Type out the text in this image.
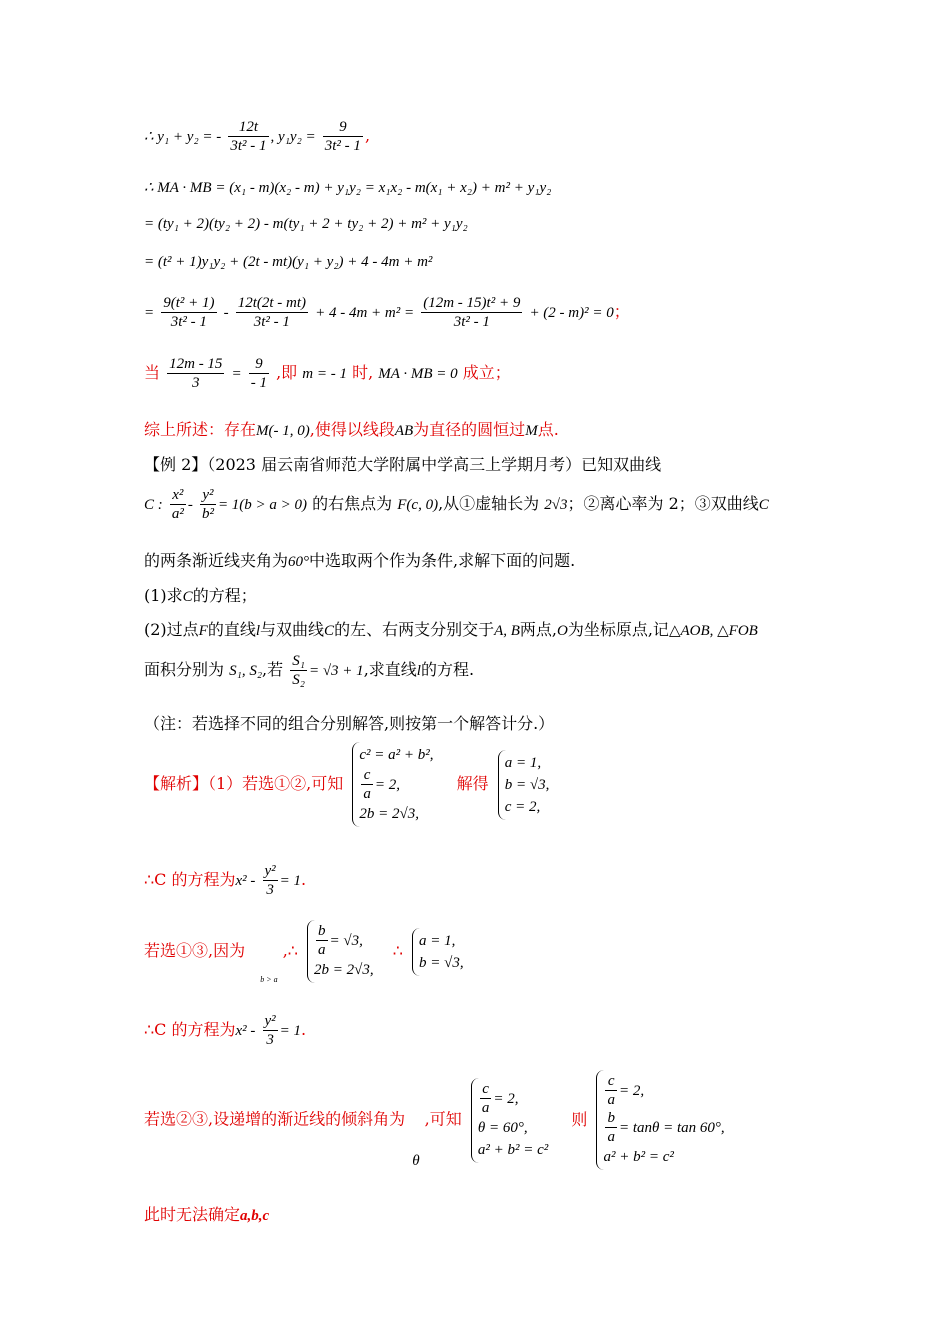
∴ y₁ + y₂ = - $\frac{12t}{\text{3t² - 1}}$ , $y_1y_2 = \frac{9}{\text{3t² - 1}}$ ,
∴ MA · MB = (x₁ - m)(x₂ - m) + y₁y₂ = x₁x₂ - m(x₁ + x₂) + m² + y₁y₂
= (ty₁ + 2)(ty₂ + 2) - m(ty₁ + 2 + ty₂ + 2) + m² + y₁y₂
= (t² + 1)y₁y₂ + (2t - mt)(y₁ + y₂) + 4 - 4m + m²
= $\frac{\text{9(t² + 1)}}{\text{3t² - 1}} - \frac{12t(2t - mt)}{\text{3t² - 1}} + 4 - 4m + m^2 = \frac{\text{(12m - 15)t² + 9}}{\text{3t² - 1}} + (2 - m)^2 = 0$；
当 $\frac{12m - 15}{3} = \frac{9}{- 1}$ ,即 m = - 1 时, MA · MB = 0 成立；
综上所述：存在M(- 1, 0),使得以线段AB为直径的圆恒过M点.
【例 2】（2023 届云南省师范大学附属中学高三上学期月考）已知双曲线
C : $\frac{\text{x²}}{\text{a²}} - \frac{\text{y²}}{\text{b²}} = 1(b > a > 0)$ 的右焦点为 F(c, 0),从①虚轴长为 2√3；②离心率为 2；③双曲线C
的两条渐近线夹角为60°中选取两个作为条件,求解下面的问题.
(1)求C的方程；
(2)过点F的直线l与双曲线C的左、右两支分别交于A, B两点,O为坐标原点,记△AOB, △FOB
面积分别为 S₁, S₂,若 $\frac{\text{S₁}}{\text{S₂}} = √3 + 1$,求直线l的方程.
（注：若选择不同的组合分别解答,则按第一个解答计分.）
【解析】（1）若选①②,可知
c² = a² + b²,
$\frac{c}{a} = 2$,
2b = 2√3,
解得
a = 1,
b = √3,
c = 2,
∴C 的方程为$x^2 - \frac{\text{y²}}{3} = 1$.
若选①③,因为 $_{b > a}$ ,∴ $\frac{b}{a} = √3$,
2b = 2√3,
∴
a = 1,
b = √3,
∴C 的方程为$x^2 - \frac{\text{y²}}{3} = 1$.
若选②③,设递增的渐近线的倾斜角为 θ ,可知
$\frac{c}{a} = 2$,
θ = 60°,
a² + b² = c²
则
$\frac{c}{a} = 2$,
$\frac{b}{a} = \tan\theta = \tan 60^\circ$,
a² + b² = c²
此时无法确定a,b,c
